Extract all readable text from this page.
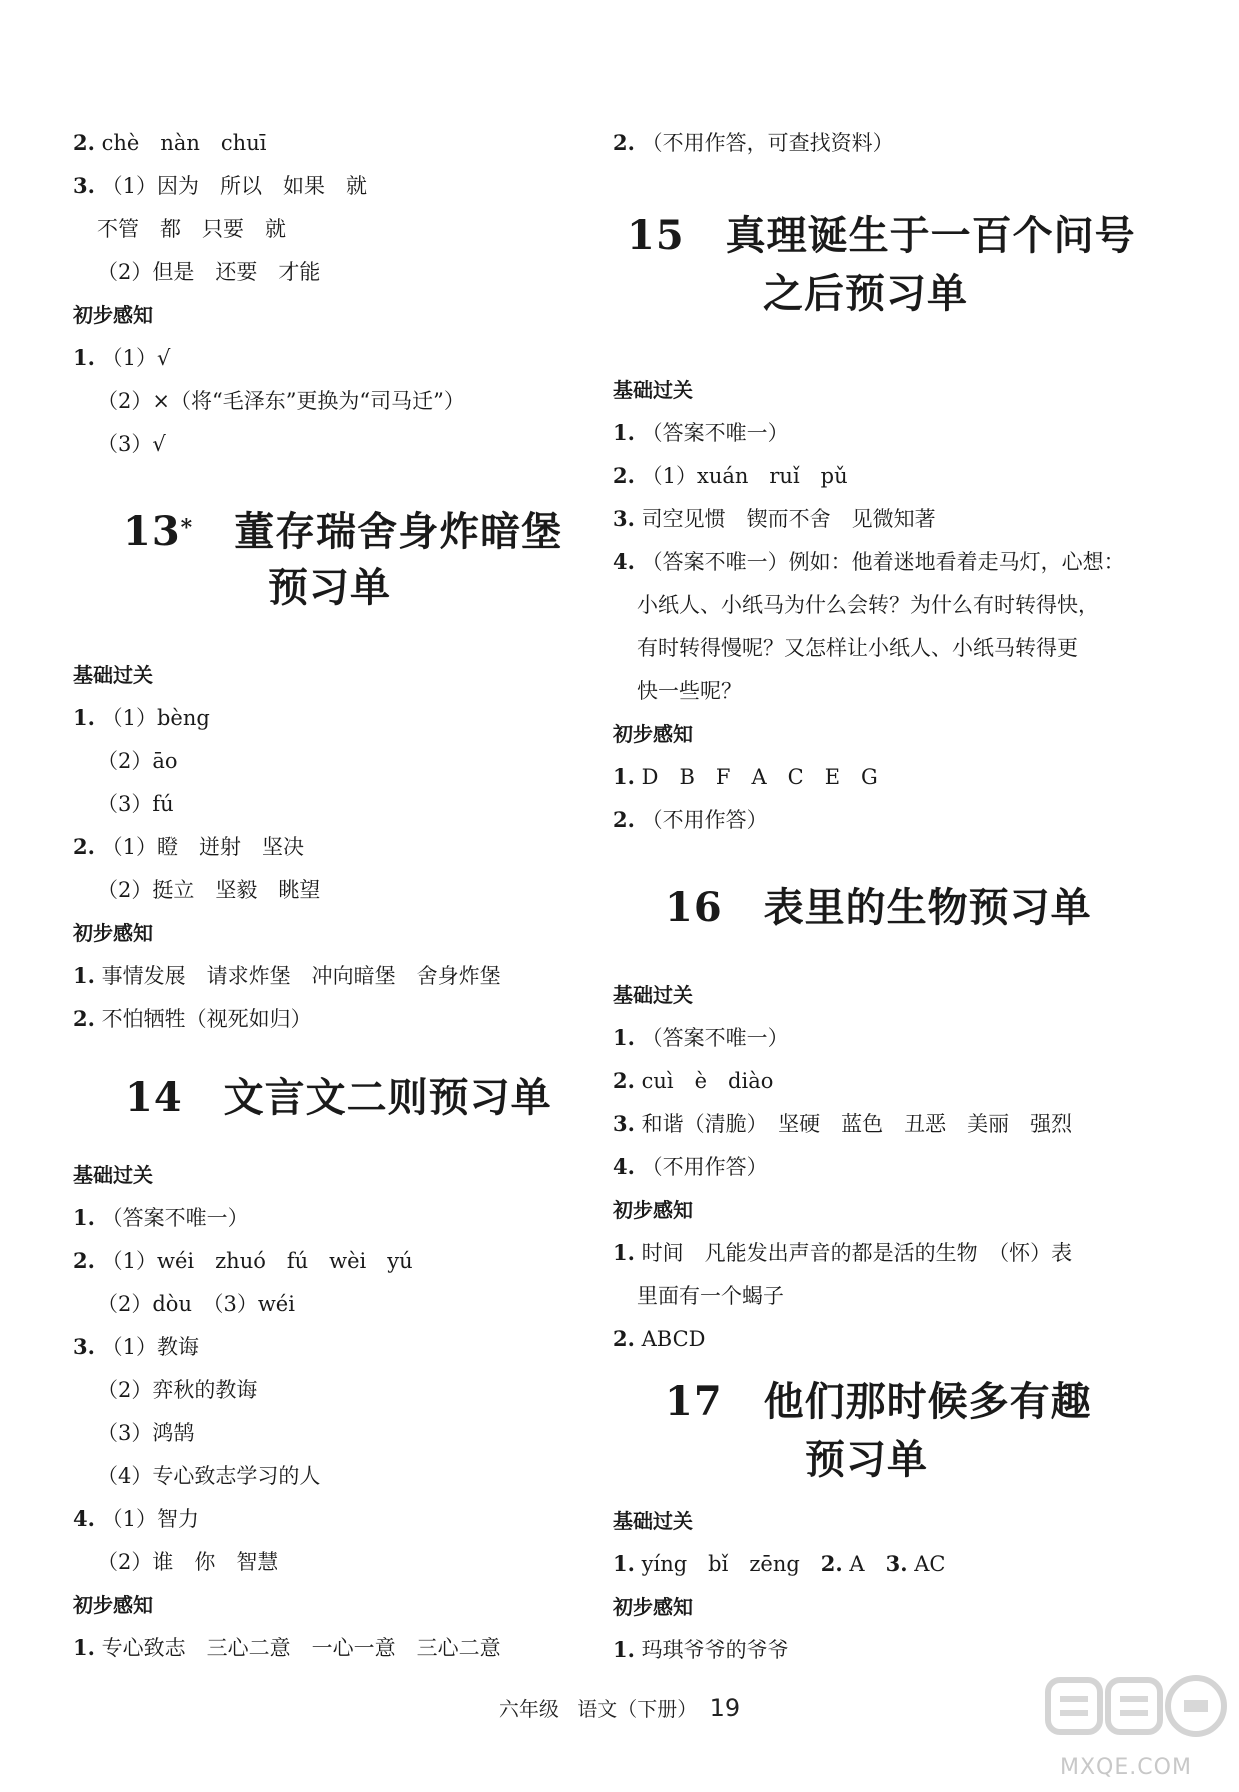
2. chè　nàn　chuī
3. （1）因为　所以　如果　就
不管　都　只要　就
（2）但是　还要　才能
初步感知
1. （1）√
（2）×（将“毛泽东”更换为“司马迁”）
（3）√
13*　 董存瑞舍身炸暗堡
预习单
基础过关
1. （1）bèng
（2）āo
（3）fú
2. （1）瞪　迸射　坚决
（2）挺立　坚毅　眺望
初步感知
1. 事情发展　请求炸堡　冲向暗堡　舍身炸堡
2. 不怕牺牲（视死如归）
14　 文言文二则预习单
基础过关
1. （答案不唯一）
2. （1）wéi　zhuó　fú　wèi　yú
（2）dòu　（3）wéi
3. （1）教诲
（2）弈秋的教诲
（3）鸿鹄
（4）专心致志学习的人
4. （1）智力
（2）谁　你　智慧
初步感知
1. 专心致志　三心二意　一心一意　三心二意
2. （不用作答，可查找资料）
15　 真理诞生于一百个问号
之后预习单
基础过关
1. （答案不唯一）
2. （1）xuán　ruǐ　pǔ
3. 司空见惯　锲而不舍　见微知著
4. （答案不唯一）例如：他着迷地看着走马灯，心想：
小纸人、小纸马为什么会转？为什么有时转得快，
有时转得慢呢？又怎样让小纸人、小纸马转得更
快一些呢？
初步感知
1. D　B　F　A　C　E　G
2. （不用作答）
16　 表里的生物预习单
基础过关
1. （答案不唯一）
2. cuì　è　diào
3. 和谐（清脆）　坚硬　蓝色　丑恶　美丽　强烈
4. （不用作答）
初步感知
1. 时间　凡能发出声音的都是活的生物　（怀）表
里面有一个蝎子
2. ABCD
17　 他们那时候多有趣
预习单
基础过关
1. yíng　bǐ　zēng　 2. A　 3. AC
初步感知
1. 玛琪爷爷的爷爷
六年级 语文（下册） 19
MXQE.COM
